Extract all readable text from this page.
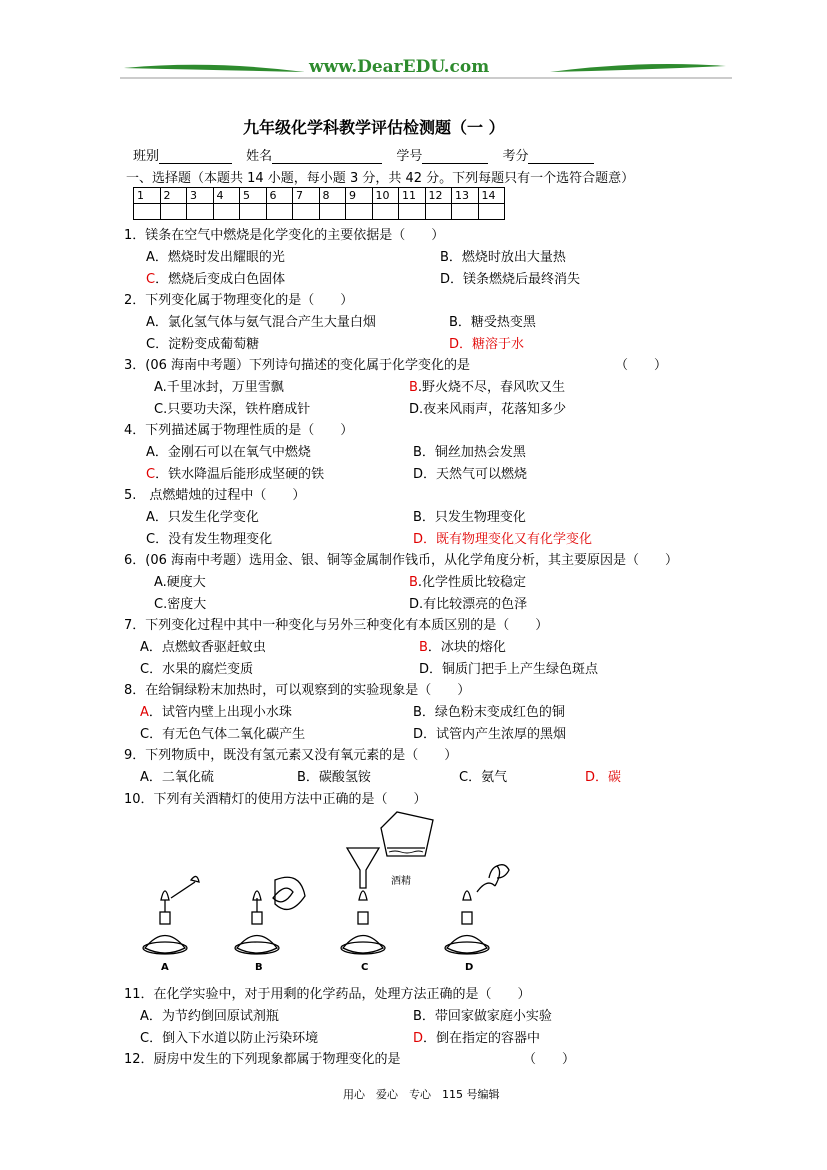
www.DearEDU.com
九年级化学科教学评估检测题（一 ）
班别	姓名	学号	考分
一、选择题（本题共 14 小题，每小题 3 分，共 42 分。下列每题只有一个选符合题意）
1	2	3	4	5	6	7	8	9	10	11	12	13	14

1．镁条在空气中燃烧是化学变化的主要依据是（　　）
A．燃烧时发出耀眼的光	B．燃烧时放出大量热
C．燃烧后变成白色固体	D．镁条燃烧后最终消失
2．下列变化属于物理变化的是（　　）
A．氯化氢气体与氨气混合产生大量白烟	B．糖受热变黑
C．淀粉变成葡萄糖	D．糖溶于水
3．(06 海南中考题）下列诗句描述的变化属于化学变化的是	（　　）
A.千里冰封，万里雪飘	B.野火烧不尽，春风吹又生
C.只要功夫深，铁杵磨成针	D.夜来风雨声，花落知多少
4．下列描述属于物理性质的是（　　）
A．金刚石可以在氧气中燃烧	B．铜丝加热会发黑
C．铁水降温后能形成坚硬的铁	D．天然气可以燃烧
5.　点燃蜡烛的过程中（　　）
A．只发生化学变化	B．只发生物理变化
C．没有发生物理变化	D．既有物理变化又有化学变化
6．(06 海南中考题）选用金、银、铜等金属制作钱币，从化学角度分析，其主要原因是（　　）
A.硬度大	B.化学性质比较稳定
C.密度大	D.有比较漂亮的色泽
7．下列变化过程中其中一种变化与另外三种变化有本质区别的是（　　）
A．点燃蚊香驱赶蚊虫	B．冰块的熔化
C．水果的腐烂变质	D．铜质门把手上产生绿色斑点
8．在给铜绿粉末加热时，可以观察到的实验现象是（　　）
A．试管内壁上出现小水珠	B．绿色粉末变成红色的铜
C．有无色气体二氧化碳产生	D．试管内产生浓厚的黑烟
9．下列物质中，既没有氢元素又没有氧元素的是（　　）
A．二氧化硫	B．碳酸氢铵	C．氨气	D．碳
10．下列有关酒精灯的使用方法中正确的是（　　）
酒精
A	B	C	D
11．在化学实验中，对于用剩的化学药品，处理方法正确的是（　　）
A．为节约倒回原试剂瓶	B．带回家做家庭小实验
C．倒入下水道以防止污染环境	D．倒在指定的容器中
12．厨房中发生的下列现象都属于物理变化的是	（　　）
用心　爱心　专心　115 号编辑
